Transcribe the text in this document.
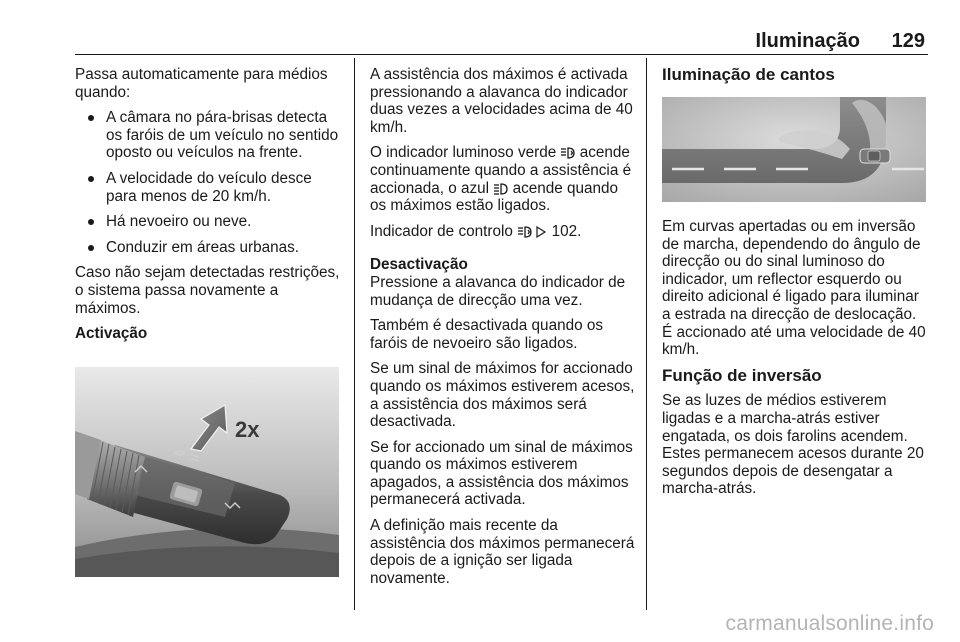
Iluminação 129

Passa automaticamente para médios quando:

A câmara no pára-brisas detecta os faróis de um veículo no sentido oposto ou veículos na frente.
A velocidade do veículo desce para menos de 20 km/h.
Há nevoeiro ou neve.
Conduzir em áreas urbanas.

Caso não sejam detectadas restrições, o sistema passa novamente a máximos.

Activação

2x

A assistência dos máximos é activada pressionando a alavanca do indicador duas vezes a velocidades acima de 40 km/h.

O indicador luminoso verde acende continuamente quando a assistência é accionada, o azul acende quando os máximos estão ligados.

Indicador de controlo	102.

Desactivação

Pressione a alavanca do indicador de mudança de direcção uma vez.

Também é desactivada quando os faróis de nevoeiro são ligados.

Se um sinal de máximos for accionado quando os máximos estiverem acesos, a assistência dos máximos será desactivada.

Se for accionado um sinal de máximos quando os máximos estiverem apagados, a assistência dos máximos permanecerá activada.

A definição mais recente da assistência dos máximos permanecerá depois de a ignição ser ligada novamente.

Iluminação de cantos

Em curvas apertadas ou em inversão de marcha, dependendo do ângulo de direcção ou do sinal luminoso do indicador, um reflector esquerdo ou direito adicional é ligado para iluminar a estrada na direcção de deslocação. É accionado até uma velocidade de 40 km/h.

Função de inversão

Se as luzes de médios estiverem ligadas e a marcha-atrás estiver engatada, os dois farolins acendem. Estes permanecem acesos durante 20 segundos depois de desengatar a marcha-atrás.

carmanualsonline.info
